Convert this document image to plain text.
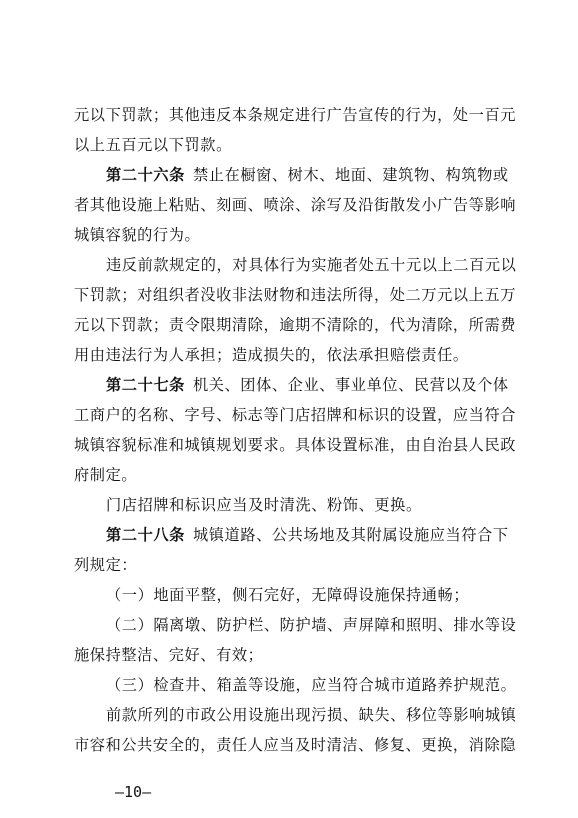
元以下罚款；其他违反本条规定进行广告宣传的行为，处一百元
以上五百元以下罚款。
第二十六条 禁止在橱窗、树木、地面、建筑物、构筑物或
者其他设施上粘贴、刻画、喷涂、涂写及沿街散发小广告等影响
城镇容貌的行为。
违反前款规定的，对具体行为实施者处五十元以上二百元以
下罚款；对组织者没收非法财物和违法所得，处二万元以上五万
元以下罚款；责令限期清除，逾期不清除的，代为清除，所需费
用由违法行为人承担；造成损失的，依法承担赔偿责任。
第二十七条 机关、团体、企业、事业单位、民营以及个体
工商户的名称、字号、标志等门店招牌和标识的设置，应当符合
城镇容貌标准和城镇规划要求。具体设置标准，由自治县人民政
府制定。
门店招牌和标识应当及时清洗、粉饰、更换。
第二十八条 城镇道路、公共场地及其附属设施应当符合下
列规定：
（一）地面平整，侧石完好，无障碍设施保持通畅；
（二）隔离墩、防护栏、防护墙、声屏障和照明、排水等设
施保持整洁、完好、有效；
（三）检查井、箱盖等设施，应当符合城市道路养护规范。
前款所列的市政公用设施出现污损、缺失、移位等影响城镇
市容和公共安全的，责任人应当及时清洁、修复、更换，消除隐
—10—
